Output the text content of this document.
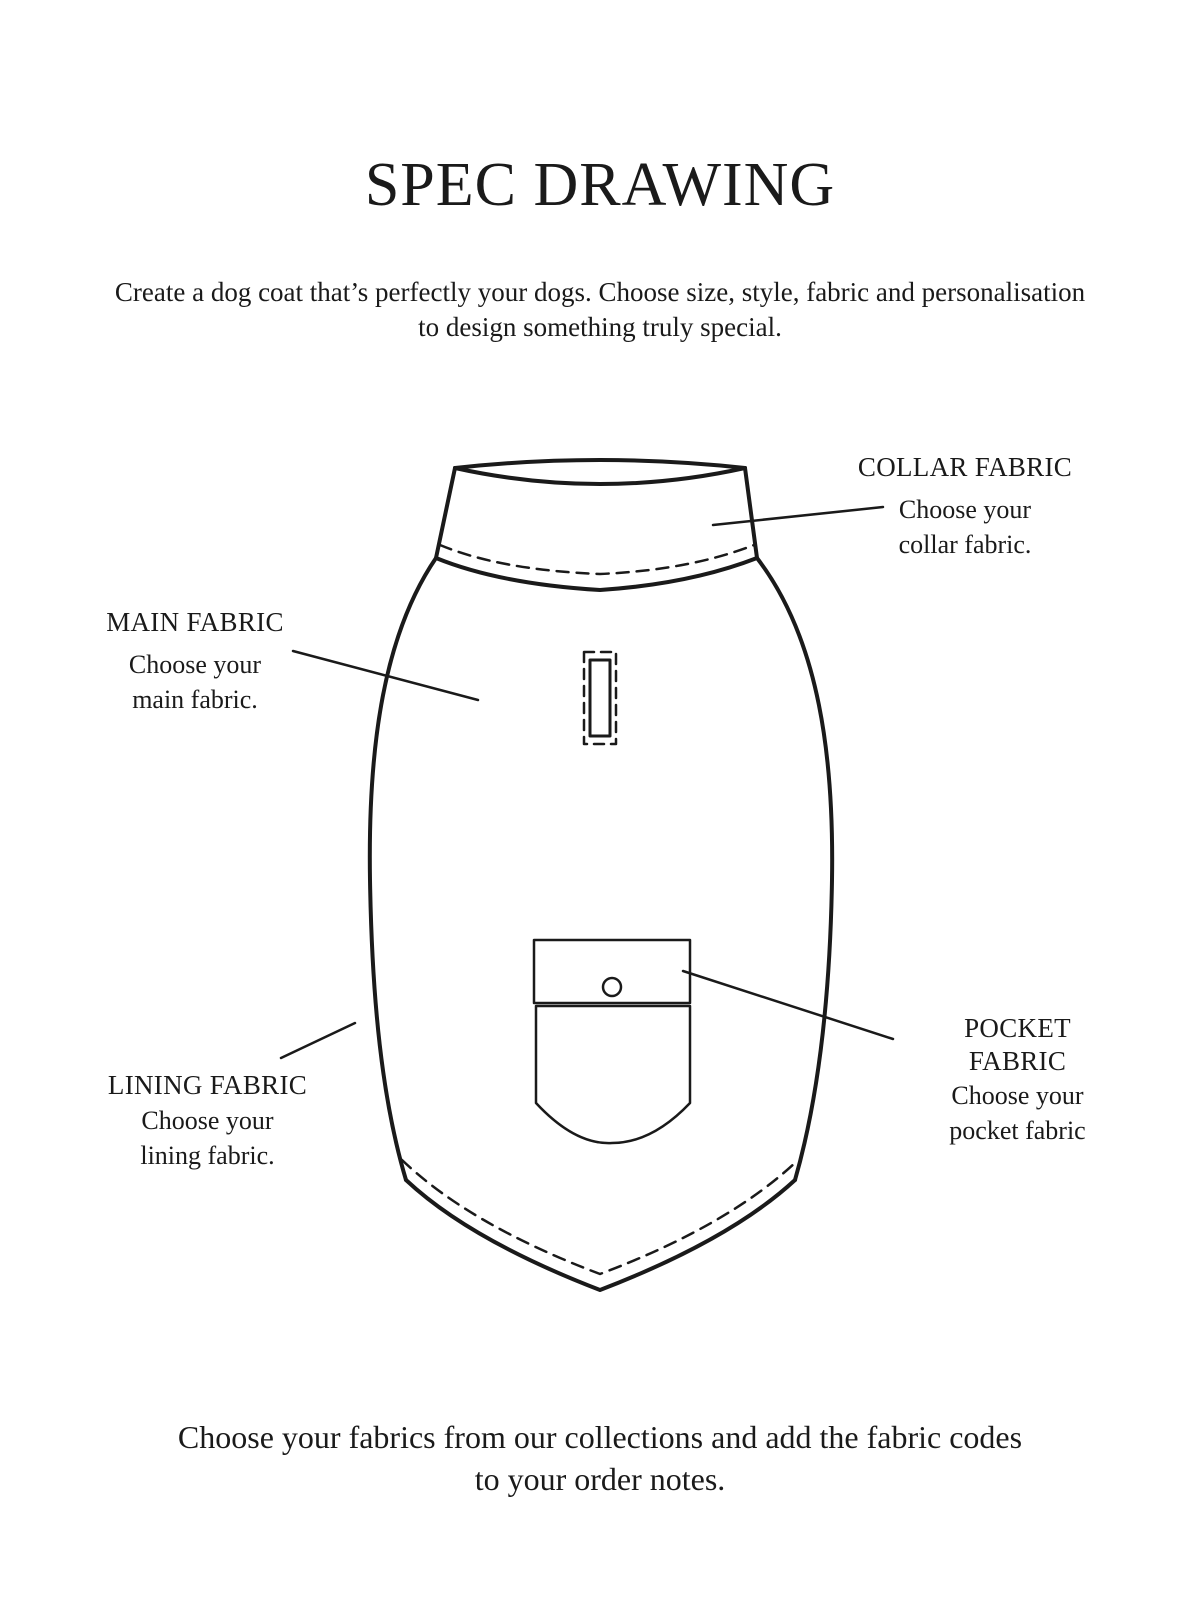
SPEC DRAWING

Create a dog coat that’s perfectly your dogs. Choose size, style, fabric and personalisation
to design something truly special.

COLLAR FABRIC
Choose your
collar fabric.
MAIN FABRIC
Choose your
main fabric.
LINING FABRIC
Choose your
lining fabric.
POCKET
FABRIC
Choose your
pocket fabric

Choose your fabrics from our collections and add the fabric codes
to your order notes.
